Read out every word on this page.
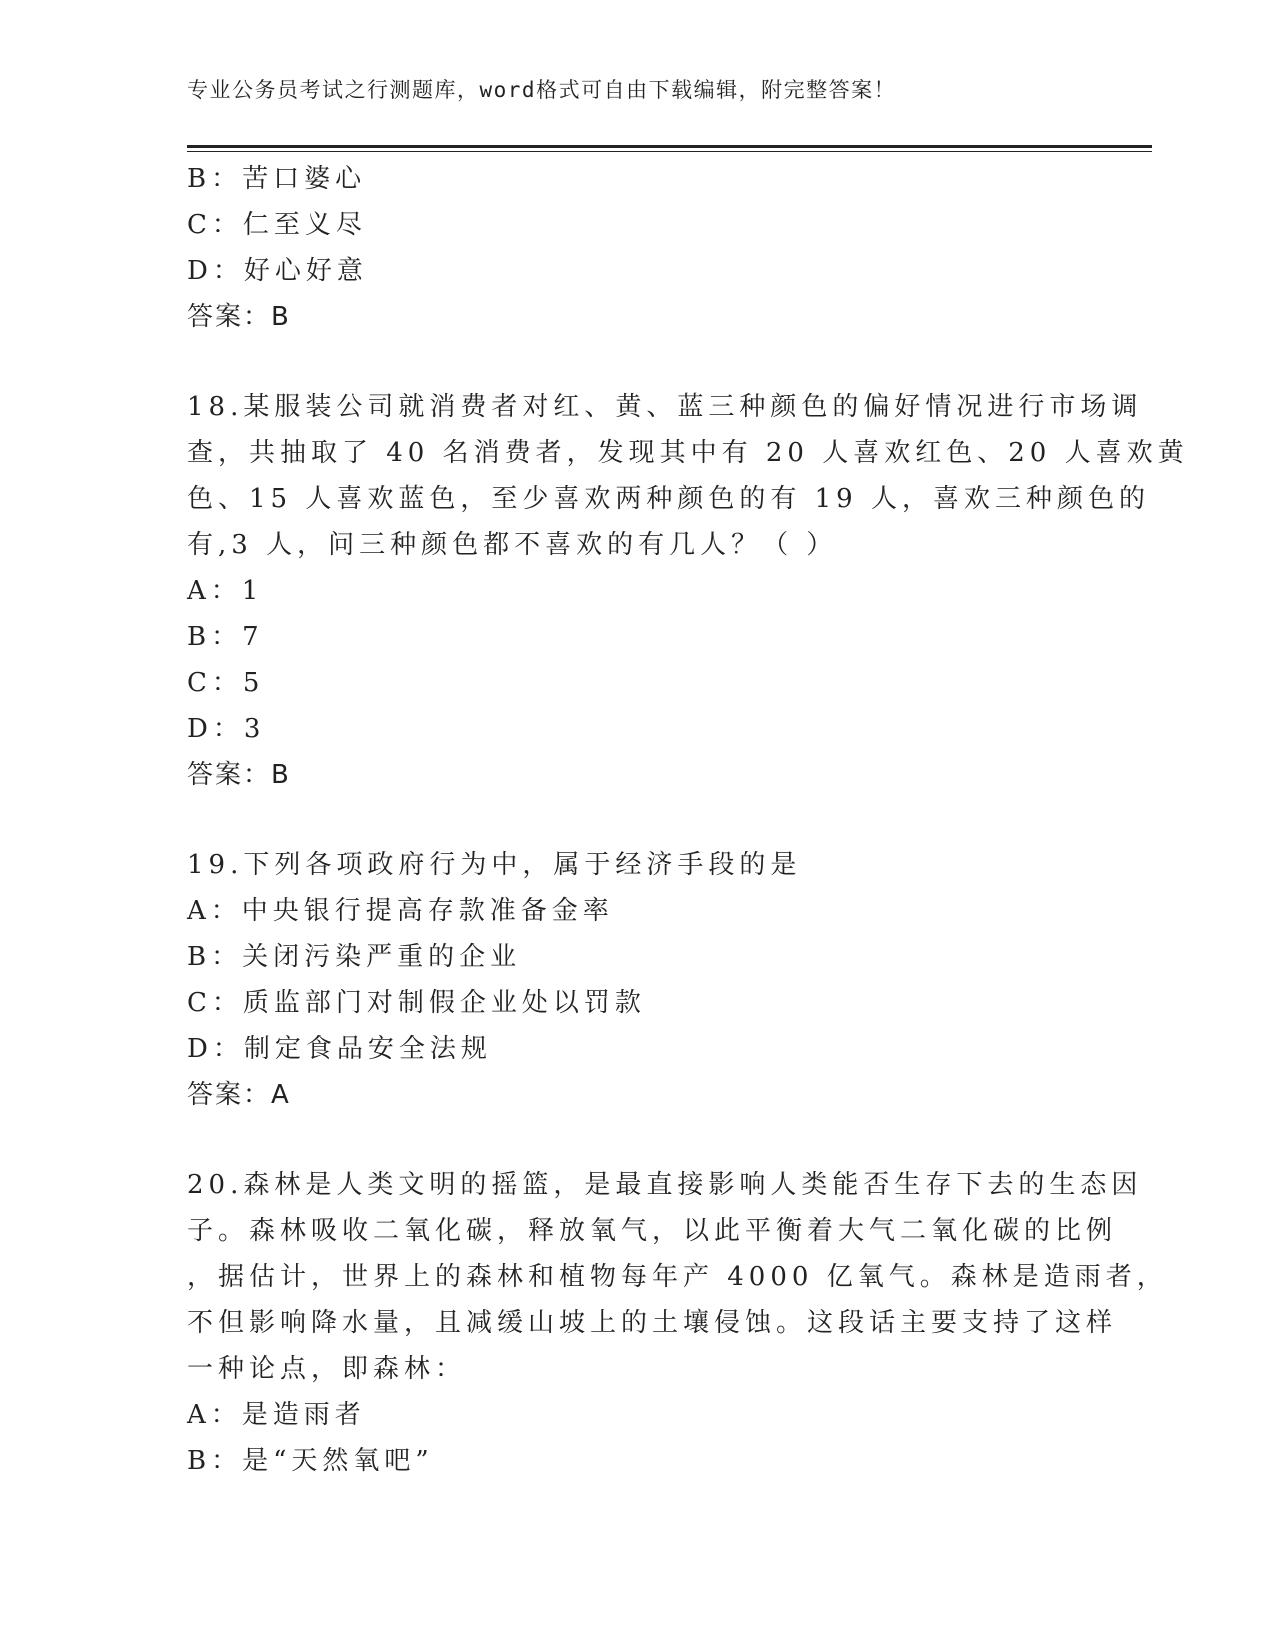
专业公务员考试之行测题库，word格式可自由下载编辑，附完整答案！
B：苦口婆心
C：仁至义尽
D：好心好意
答案：B
18.某服装公司就消费者对红、黄、蓝三种颜色的偏好情况进行市场调
查，共抽取了 40 名消费者，发现其中有 20 人喜欢红色、20 人喜欢黄
色、15 人喜欢蓝色，至少喜欢两种颜色的有 19 人，喜欢三种颜色的
有,3 人，问三种颜色都不喜欢的有几人？（ ）
A：1
B：7
C：5
D：3
答案：B
19.下列各项政府行为中，属于经济手段的是
A：中央银行提高存款准备金率
B：关闭污染严重的企业
C：质监部门对制假企业处以罚款
D：制定食品安全法规
答案：A
20.森林是人类文明的摇篮，是最直接影响人类能否生存下去的生态因
子。森林吸收二氧化碳，释放氧气，以此平衡着大气二氧化碳的比例
，据估计，世界上的森林和植物每年产 4000 亿氧气。森林是造雨者，
不但影响降水量，且减缓山坡上的土壤侵蚀。这段话主要支持了这样
一种论点，即森林：
A：是造雨者
B：是“天然氧吧”
